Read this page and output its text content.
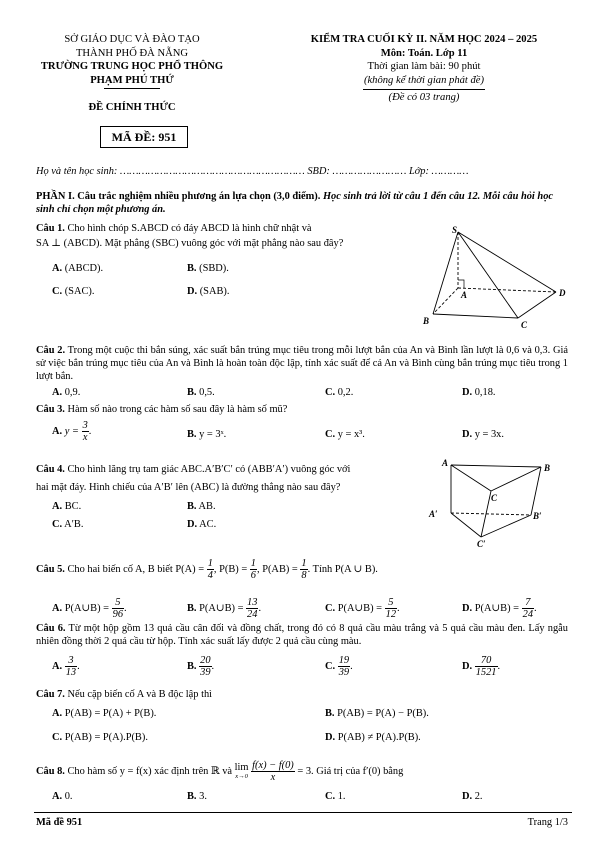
SỞ GIÁO DỤC VÀ ĐÀO TẠO
THÀNH PHỐ ĐÀ NẴNG
TRƯỜNG TRUNG HỌC PHỔ THÔNG
PHẠM PHÚ THỨ
ĐỀ CHÍNH THỨC
MÃ ĐỀ: 951
KIỂM TRA CUỐI KỲ II. NĂM HỌC 2024 – 2025
Môn: Toán. Lớp 11
Thời gian làm bài: 90 phút
(không kể thời gian phát đề)
(Đề có 03 trang)
Họ và tên học sinh: …………………………………………………… SBD: …………………… Lớp: …………
PHẦN I. Câu trắc nghiệm nhiều phương án lựa chọn (3,0 điểm). Học sinh trả lời từ câu 1 đến câu 12. Mỗi câu hỏi học sinh chỉ chọn một phương án.
Câu 1. Cho hình chóp S.ABCD có đáy ABCD là hình chữ nhật và
SA ⊥ (ABCD). Mặt phẳng (SBC) vuông góc với mặt phẳng nào sau đây?
A. (ABCD).	B. (SBD).
C. (SAC).	D. (SAB).
S
A
B	C
D
Câu 2. Trong một cuộc thi bắn súng, xác suất bắn trúng mục tiêu trong mỗi lượt bắn của An và Bình lần lượt là 0,6 và 0,3. Giả sử việc bắn trúng mục tiêu của An và Bình là hoàn toàn độc lập, tính xác suất để cả An và Bình cùng bắn trúng mục tiêu trong 1 lượt bắn.
A. 0,9.	B. 0,5.	C. 0,2.	D. 0,18.
Câu 3. Hàm số nào trong các hàm số sau đây là hàm số mũ?
A. $y = \frac{3}{x}$ .	B. y = 3ˣ.	C. y = x³.	D. y = 3x.
Câu 4. Cho hình lăng trụ tam giác ABC.A′B′C′ có (ABB′A′) vuông góc với
hai mặt đáy. Hình chiếu của A′B′ lên (ABC) là đường thẳng nào sau đây?
A. BC.	B. AB.
C. A′B.	D. AC.
A	B
C
A′	B′
C′
Câu 5. Cho hai biến cố A, B biết $P(A) = \frac{1}{4}$ , $P(B) = \frac{1}{6}$ , $P(AB) = \frac{1}{8}$ . Tính P(A ∪ B).
A. P(A∪B) = $\frac{5}{96}$ .	B. P(A∪B) = $\frac{13}{24}$ .	C. P(A∪B) = $\frac{5}{12}$ .	D. P(A∪B) = $\frac{7}{24}$ .
Câu 6. Từ một hộp gồm 13 quả cầu cân đối và đồng chất, trong đó có 8 quả cầu màu trắng và 5 quả cầu màu đen. Lấy ngẫu nhiên đồng thời 2 quả cầu từ hộp. Tính xác suất lấy được 2 quả cầu cùng màu.
A. $\frac{3}{13}$ .	B. $\frac{20}{39}$ .	C. $\frac{19}{39}$ .	D. $\frac{70}{1521}$ .
Câu 7. Nếu cặp biến cố A và B độc lập thì
A. P(AB) = P(A) + P(B).	B. P(AB) = P(A) − P(B).
C. P(AB) = P(A).P(B).	D. P(AB) ≠ P(A).P(B).
Câu 8. Cho hàm số y = f(x) xác định trên ℝ và lim
x→0
$\frac{f(x) - f(0)}{x} = 3$. Giá trị của f′(0) bằng
A. 0.	B. 3.	C. 1.	D. 2.
Mã đề 951	Trang 1/3
